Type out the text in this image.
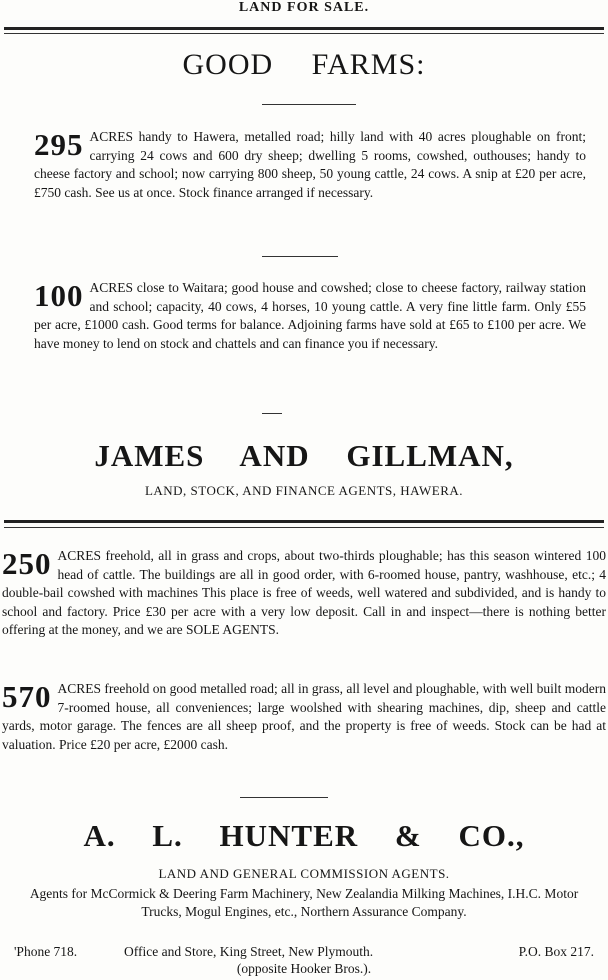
LAND FOR SALE.
GOOD FARMS:
295 ACRES handy to Hawera, metalled road; hilly land with 40 acres ploughable on front; carrying 24 cows and 600 dry sheep; dwelling 5 rooms, cowshed, outhouses; handy to cheese factory and school; now carrying 800 sheep, 50 young cattle, 24 cows. A snip at £20 per acre, £750 cash. See us at once. Stock finance arranged if necessary.

100 ACRES close to Waitara; good house and cowshed; close to cheese factory, railway station and school; capacity, 40 cows, 4 horses, 10 young cattle. A very fine little farm. Only £55 per acre, £1000 cash. Good terms for balance. Adjoining farms have sold at £65 to £100 per acre. We have money to lend on stock and chattels and can finance you if necessary.

JAMES AND GILLMAN,
LAND, STOCK, AND FINANCE AGENTS, HAWERA.
250 ACRES freehold, all in grass and crops, about two-thirds ploughable; has this season wintered 100 head of cattle. The buildings are all in good order, with 6-roomed house, pantry, washhouse, etc.; 4 double-bail cowshed with machines This place is free of weeds, well watered and subdivided, and is handy to school and factory. Price £30 per acre with a very low deposit. Call in and inspect—there is nothing better offering at the money, and we are SOLE AGENTS.

570 ACRES freehold on good metalled road; all in grass, all level and ploughable, with well built modern 7-roomed house, all conveniences; large woolshed with shearing machines, dip, sheep and cattle yards, motor garage. The fences are all sheep proof, and the property is free of weeds. Stock can be had at valuation. Price £20 per acre, £2000 cash.

A. L. HUNTER & CO.,
LAND AND GENERAL COMMISSION AGENTS.
Agents for McCormick & Deering Farm Machinery, New Zealandia Milking Machines, I.H.C. Motor Trucks, Mogul Engines, etc., Northern Assurance Company.
'Phone 718.	Office and Store, King Street, New Plymouth.	P.O. Box 217.
(opposite Hooker Bros.).
